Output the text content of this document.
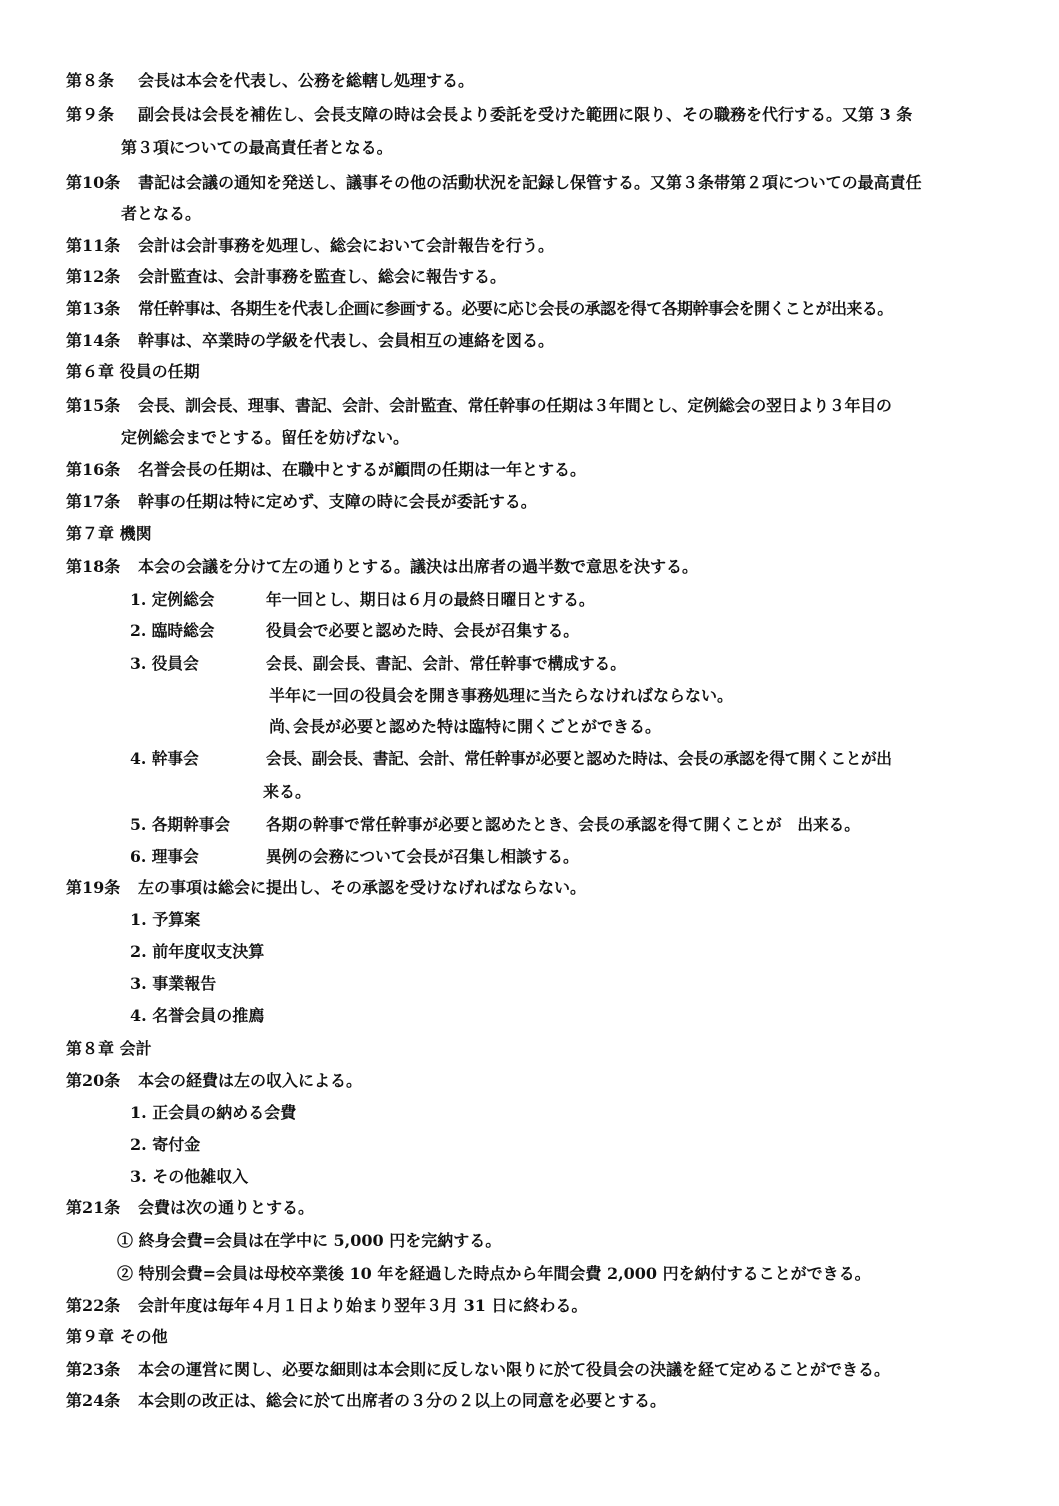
第８条 会長は本会を代表し、公務を総轄し処理する。
第９条 副会長は会長を補佐し、会長支障の時は会長より委託を受けた範囲に限り、その職務を代行する。又第 3 条
第３項についての最高責任者となる。
第10条 書記は会議の通知を発送し、議事その他の活動状況を記録し保管する。又第３条帯第２項についての最高責任
者となる。
第11条 会計は会計事務を処理し、総会において会計報告を行う。
第12条 会計監査は、会計事務を監査し、総会に報告する。
第13条 常任幹事は、各期生を代表し企画に参画する。必要に応じ会長の承認を得て各期幹事会を開くことが出来る。
第14条 幹事は、卒業時の学級を代表し、会員相互の連絡を図る。
第６章 役員の任期
第15条 会長、訓会長、理事、書記、会計、会計監査、常任幹事の任期は３年間とし、定例総会の翌日より３年目の
定例総会までとする。留任を妨げない。
第16条 名誉会長の任期は、在職中とするが顧問の任期は一年とする。
第17条 幹事の任期は特に定めず、支障の時に会長が委託する。
第７章 機関
第18条 本会の会議を分けて左の通りとする。議決は出席者の過半数で意思を決する。
1. 定例総会	年一回とし、期日は６月の最終日曜日とする。
2. 臨時総会	役員会で必要と認めた時、会長が召集する。
3. 役員会	会長、副会長、書記、会計、常任幹事で構成する。
半年に一回の役員会を開き事務処理に当たらなければならない。
尚､会長が必要と認めた特は臨特に開くごとができる。
4. 幹事会	会長、副会長、書記、会計、常任幹事が必要と認めた時は、会長の承認を得て開くことが出
来る。
5. 各期幹事会 各期の幹事で常任幹事が必要と認めたとき、会長の承認を得て開くことが　出来る。
6. 理事会	異例の会務について会長が召集し相談する。
第19条 左の事項は総会に提出し、その承認を受けなげればならない。
1. 予算案
2. 前年度収支決算
3. 事業報告
4. 名誉会員の推廌
第８章 会計
第20条 本会の経費は左の収入による。
1. 正会員の納める会費
2. 寄付金
3. その他雑収入
第21条 会費は次の通りとする。
① 終身会費=会員は在学中に 5,000 円を完納する。
② 特別会費=会員は母校卒業後 10 年を経過した時点から年間会費 2,000 円を納付することができる。
第22条 会計年度は毎年４月１日より始まり翌年３月 31 日に終わる。
第９章 その他
第23条 本会の運営に関し、必要な細則は本会則に反しない限りに於て役員会の決議を経て定めることができる。
第24条 本会則の改正は、総会に於て出席者の３分の２以上の同意を必要とする。
